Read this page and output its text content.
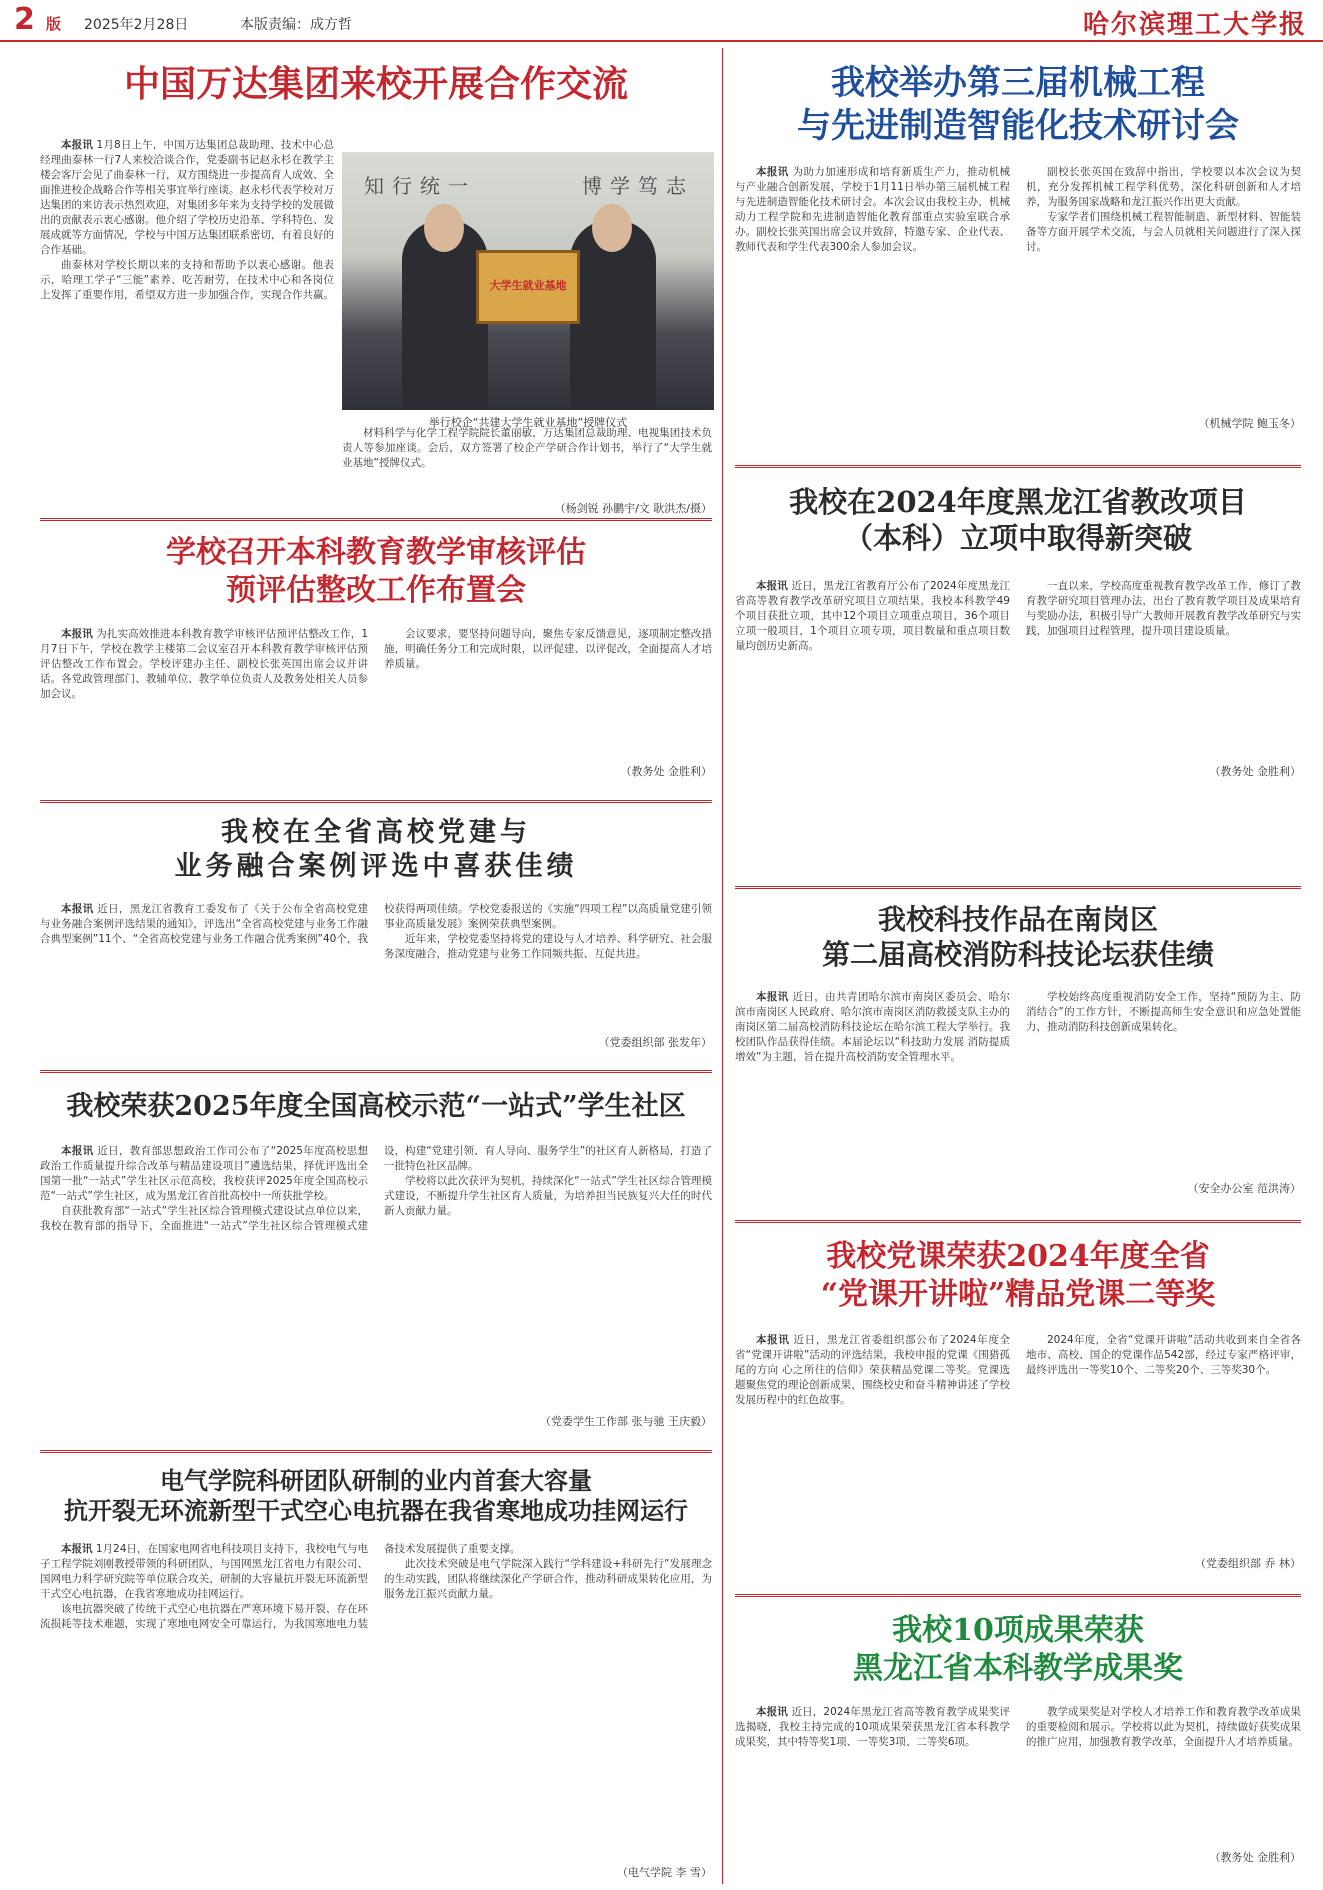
2 版 2025年2月28日	本版责编：成方哲	哈尔滨理工大学报
中国万达集团来校开展合作交流

本报讯 1月8日上午，中国万达集团总裁助理、技术中心总经理曲泰林一行7人来校洽谈合作，党委副书记赵永杉在教学主楼会客厅会见了曲泰林一行，双方围绕进一步提高育人成效、全面推进校企战略合作等相关事宜举行座谈。赵永杉代表学校对万达集团的来访表示热烈欢迎，对集团多年来为支持学校的发展做出的贡献表示衷心感谢。他介绍了学校历史沿革、学科特色、发展成就等方面情况，学校与中国万达集团联系密切，有着良好的合作基础。

曲泰林对学校长期以来的支持和帮助予以衷心感谢。他表示，哈理工学子“三能”素养、吃苦耐劳，在技术中心和各岗位上发挥了重要作用，希望双方进一步加强合作，实现合作共赢。

材料科学与化学工程学院院长董丽敏，万达集团总裁助理、电视集团技术负责人等参加座谈。会后，双方签署了校企产学研合作计划书，举行了“大学生就业基地”授牌仪式。

（杨剑锐 孙鹏宇/文 耿洪杰/摄）
知行统一	博学笃志
大学生就业基地
举行校企“共建大学生就业基地”授牌仪式
我校举办第三届机械工程
与先进制造智能化技术研讨会

本报讯 为助力加速形成和培育新质生产力，推动机械与产业融合创新发展，学校于1月11日举办第三届机械工程与先进制造智能化技术研讨会。本次会议由我校主办，机械动力工程学院和先进制造智能化教育部重点实验室联合承办。副校长张英国出席会议并致辞，特邀专家、企业代表、教师代表和学生代表300余人参加会议。

副校长张英国在致辞中指出，学校要以本次会议为契机，充分发挥机械工程学科优势，深化科研创新和人才培养，为服务国家战略和龙江振兴作出更大贡献。

专家学者们围绕机械工程智能制造、新型材料、智能装备等方面开展学术交流，与会人员就相关问题进行了深入探讨。

（机械学院 鲍玉冬）
学校召开本科教育教学审核评估
预评估整改工作布置会

本报讯 为扎实高效推进本科教育教学审核评估预评估整改工作，1月7日下午，学校在教学主楼第二会议室召开本科教育教学审核评估预评估整改工作布置会。学校评建办主任、副校长张英国出席会议并讲话。各党政管理部门、教辅单位、教学单位负责人及教务处相关人员参加会议。

会议要求，要坚持问题导向，聚焦专家反馈意见，逐项制定整改措施，明确任务分工和完成时限，以评促建、以评促改，全面提高人才培养质量。

（教务处 金胜利）
我校在2024年度黑龙江省教改项目
（本科）立项中取得新突破

本报讯 近日，黑龙江省教育厅公布了2024年度黑龙江省高等教育教学改革研究项目立项结果，我校本科教学49个项目获批立项，其中12个项目立项重点项目，36个项目立项一般项目，1个项目立项专项，项目数量和重点项目数量均创历史新高。

一直以来，学校高度重视教育教学改革工作，修订了教育教学研究项目管理办法，出台了教育教学项目及成果培育与奖励办法，积极引导广大教师开展教育教学改革研究与实践，加强项目过程管理，提升项目建设质量。

（教务处 金胜利）
我校在全省高校党建与
业务融合案例评选中喜获佳绩

本报讯 近日，黑龙江省教育工委发布了《关于公布全省高校党建与业务融合案例评选结果的通知》，评选出“全省高校党建与业务工作融合典型案例”11个、“全省高校党建与业务工作融合优秀案例”40个，我校获得两项佳绩。学校党委报送的《实施“四项工程”以高质量党建引领事业高质量发展》案例荣获典型案例。

近年来，学校党委坚持将党的建设与人才培养、科学研究、社会服务深度融合，推动党建与业务工作同频共振、互促共进。

（党委组织部 张发年）
我校科技作品在南岗区
第二届高校消防科技论坛获佳绩

本报讯 近日，由共青团哈尔滨市南岗区委员会、哈尔滨市南岗区人民政府、哈尔滨市南岗区消防救援支队主办的南岗区第二届高校消防科技论坛在哈尔滨工程大学举行。我校团队作品获得佳绩。本届论坛以“科技助力发展 消防提质增效”为主题，旨在提升高校消防安全管理水平。

学校始终高度重视消防安全工作，坚持“预防为主、防消结合”的工作方针，不断提高师生安全意识和应急处置能力，推动消防科技创新成果转化。

（安全办公室 范洪涛）
我校荣获2025年度全国高校示范“一站式”学生社区

本报讯 近日，教育部思想政治工作司公布了“2025年度高校思想政治工作质量提升综合改革与精品建设项目”遴选结果，择优评选出全国第一批“一站式”学生社区示范高校，我校获评2025年度全国高校示范“一站式”学生社区，成为黑龙江省首批高校中一所获批学校。

自获批教育部“一站式”学生社区综合管理模式建设试点单位以来，我校在教育部的指导下，全面推进“一站式”学生社区综合管理模式建设，构建“党建引领、育人导向、服务学生”的社区育人新格局，打造了一批特色社区品牌。

学校将以此次获评为契机，持续深化“一站式”学生社区综合管理模式建设，不断提升学生社区育人质量，为培养担当民族复兴大任的时代新人贡献力量。

（党委学生工作部 张与驰 王庆毅）
我校党课荣获2024年度全省
“党课开讲啦”精品党课二等奖

本报讯 近日，黑龙江省委组织部公布了2024年度全省“党课开讲啦”活动的评选结果，我校申报的党课《围猎孤尾的方向 心之所往的信仰》荣获精品党课二等奖。党课选题聚焦党的理论创新成果，围绕校史和奋斗精神讲述了学校发展历程中的红色故事。

2024年度，全省“党课开讲啦”活动共收到来自全省各地市、高校、国企的党课作品542部，经过专家严格评审，最终评选出一等奖10个、二等奖20个、三等奖30个。

（党委组织部 乔 林）
电气学院科研团队研制的业内首套大容量
抗开裂无环流新型干式空心电抗器在我省寒地成功挂网运行

本报讯 1月24日，在国家电网省电科技项目支持下，我校电气与电子工程学院刘刚教授带领的科研团队，与国网黑龙江省电力有限公司、国网电力科学研究院等单位联合攻关，研制的大容量抗开裂无环流新型干式空心电抗器，在我省寒地成功挂网运行。

该电抗器突破了传统干式空心电抗器在严寒环境下易开裂、存在环流损耗等技术难题，实现了寒地电网安全可靠运行，为我国寒地电力装备技术发展提供了重要支撑。

此次技术突破是电气学院深入践行“学科建设+科研先行”发展理念的生动实践，团队将继续深化产学研合作，推动科研成果转化应用，为服务龙江振兴贡献力量。

（电气学院 李 雪）
我校10项成果荣获
黑龙江省本科教学成果奖

本报讯 近日，2024年黑龙江省高等教育教学成果奖评选揭晓，我校主持完成的10项成果荣获黑龙江省本科教学成果奖，其中特等奖1项、一等奖3项、二等奖6项。

教学成果奖是对学校人才培养工作和教育教学改革成果的重要检阅和展示。学校将以此为契机，持续做好获奖成果的推广应用，加强教育教学改革，全面提升人才培养质量。

（教务处 金胜利）
